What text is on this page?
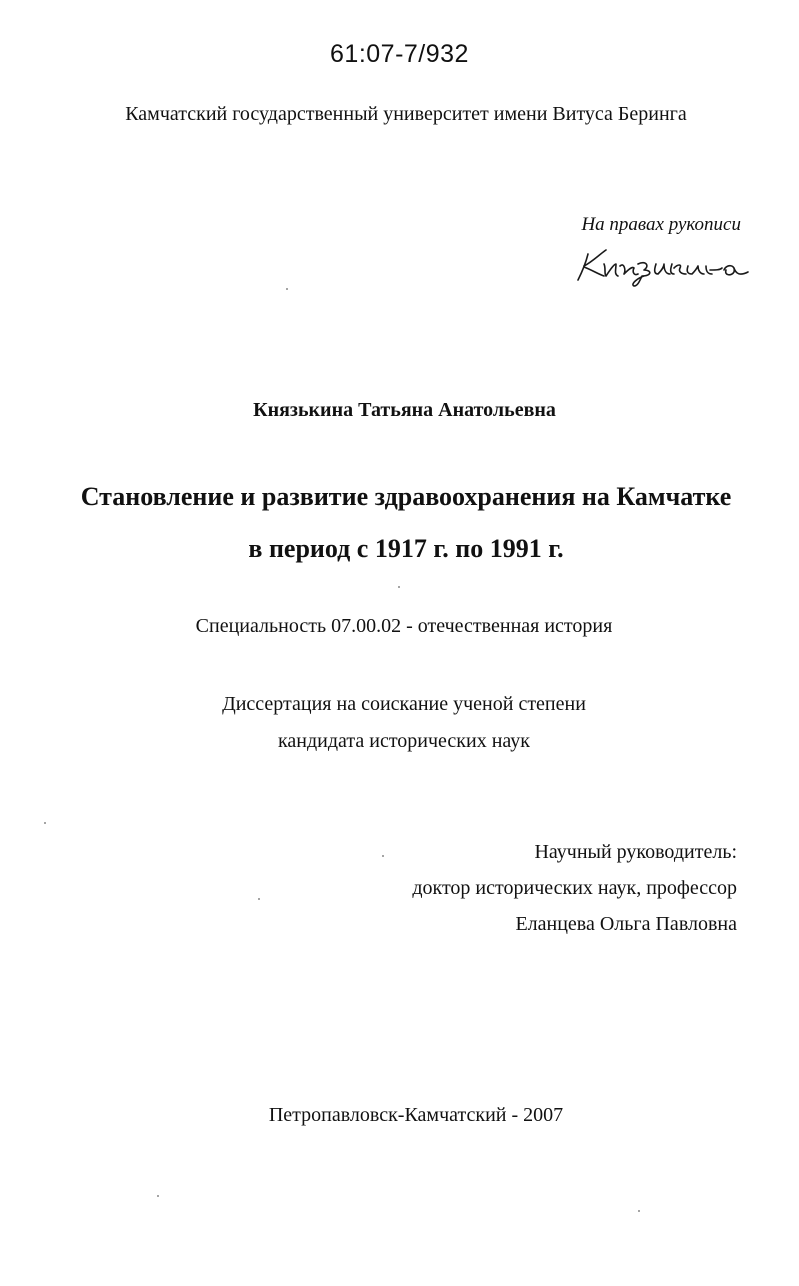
61:07-7/932
Камчатский государственный университет имени Витуса Беринга
На правах рукописи
Князькина Татьяна Анатольевна
Становление и развитие здравоохранения на Камчатке
в период с 1917 г. по 1991 г.
Специальность 07.00.02 - отечественная история
Диссертация на соискание ученой степени
кандидата исторических наук
Научный руководитель:
доктор исторических наук, профессор
Еланцева Ольга Павловна
Петропавловск-Камчатский - 2007
